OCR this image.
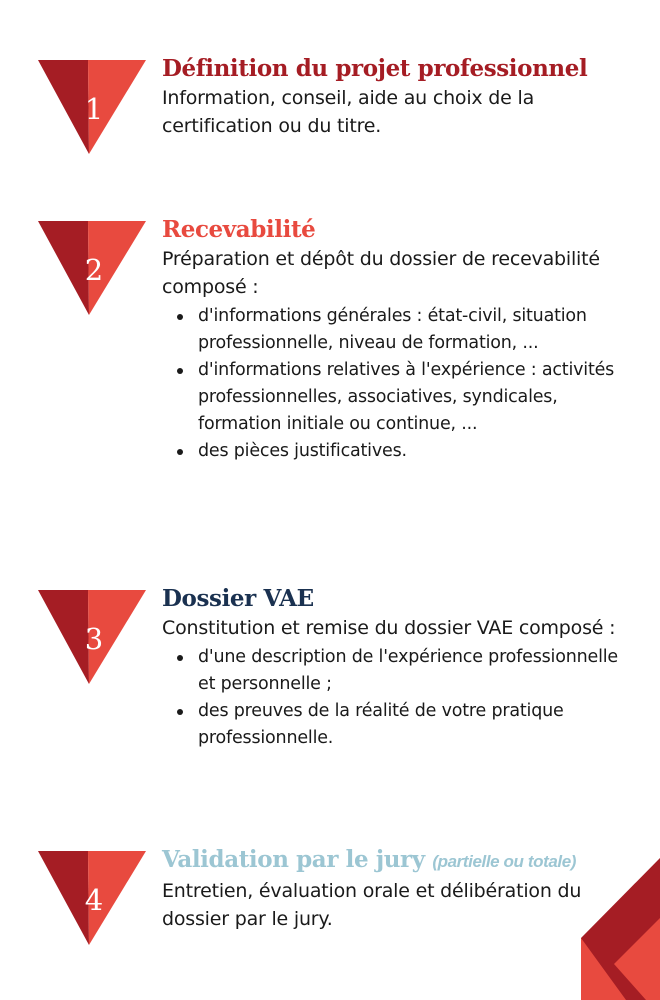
1
Définition du projet professionnel

Information, conseil, aide au choix de la certification ou du titre.

2
Recevabilité

Préparation et dépôt du dossier de recevabilité composé :

d'informations générales : état-civil, situation professionnelle, niveau de formation, ...
d'informations relatives à l'expérience : activités professionnelles, associatives, syndicales, formation initiale ou continue, ...
des pièces justificatives.
3
Dossier VAE

Constitution et remise du dossier VAE composé :

d'une description de l'expérience professionnelle et personnelle ;
des preuves de la réalité de votre pratique professionnelle.
4
Validation par le jury (partielle ou totale)

Entretien, évaluation orale et délibération du dossier par le jury.
